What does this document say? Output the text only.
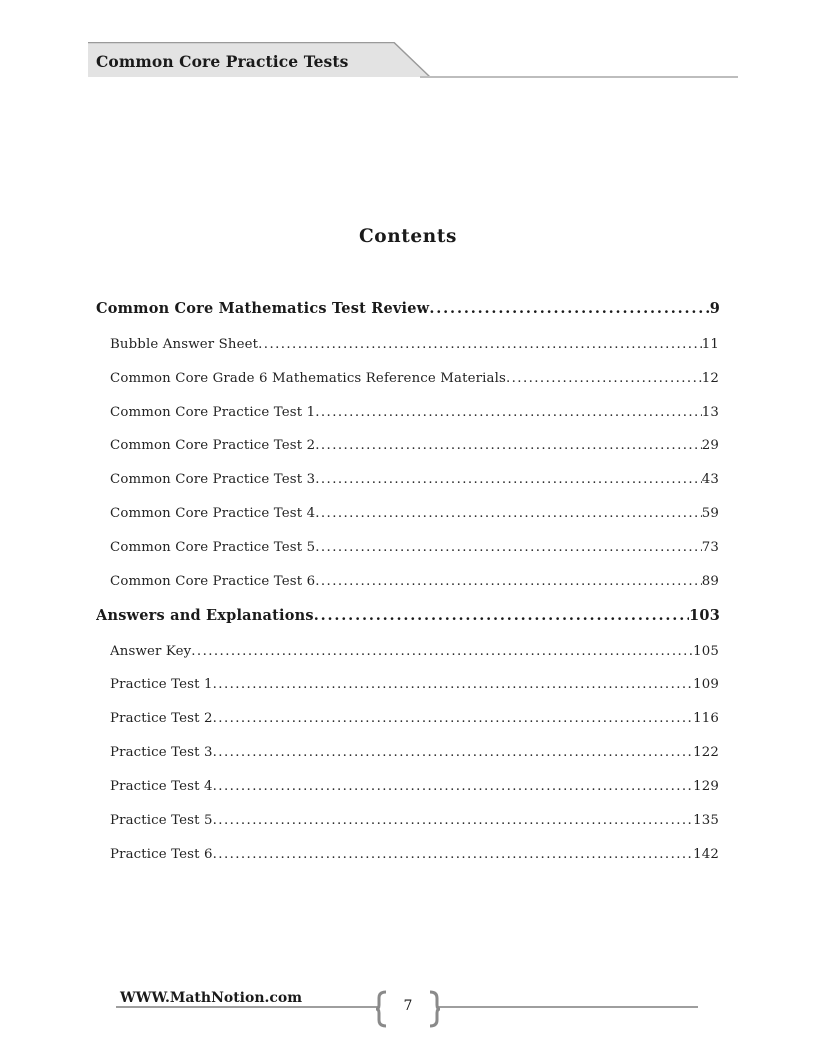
Common Core Practice Tests
Contents
Common Core Mathematics Test Review . . .	9
Bubble Answer Sheet . . .	11
Common Core Grade 6 Mathematics Reference Materials . . .	12
Common Core Practice Test 1 . . .	13
Common Core Practice Test 2 . . .	29
Common Core Practice Test 3 . . .	43
Common Core Practice Test 4 . . .	59
Common Core Practice Test 5 . . .	73
Common Core Practice Test 6 . . .	89
Answers and Explanations . . .	103
Answer Key . . .	105
Practice Test 1 . . .	109
Practice Test 2 . . .	116
Practice Test 3 . . .	122
Practice Test 4 . . .	129
Practice Test 5 . . .	135
Practice Test 6 . . .	142
WWW.MathNotion.com	7
